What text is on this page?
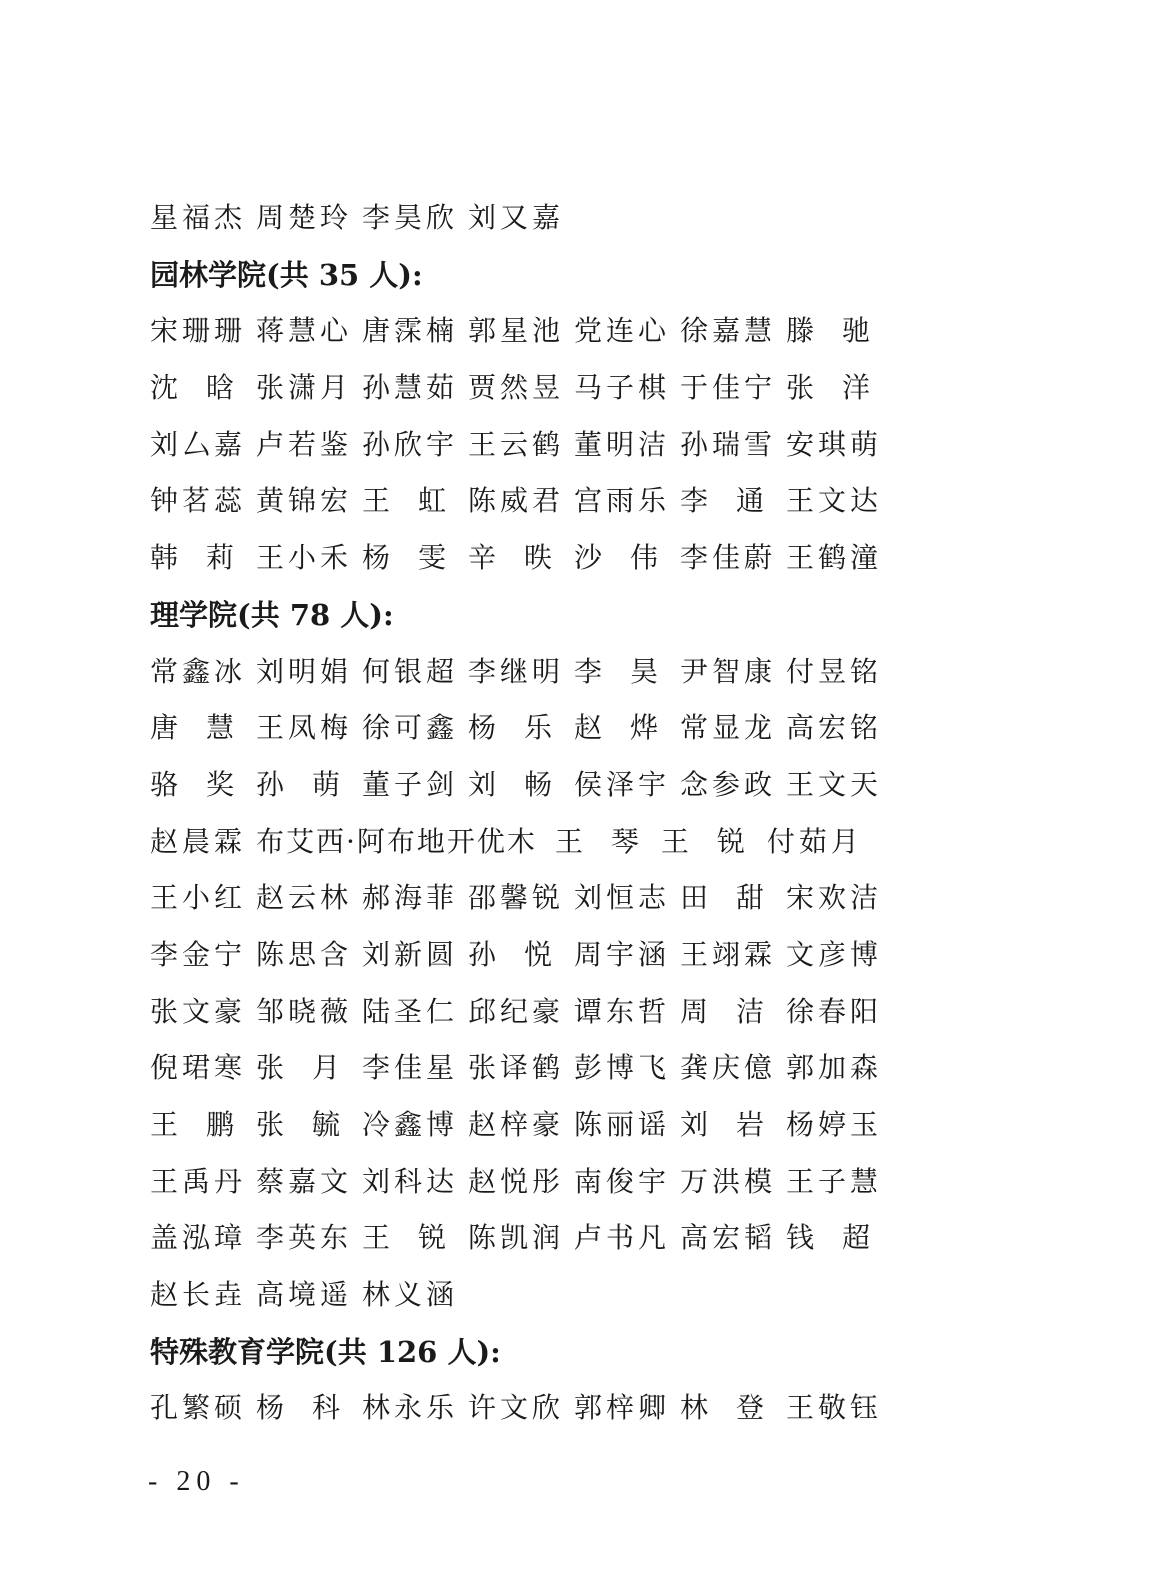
星福杰 周楚玲 李昊欣 刘又嘉
园林学院(共 35 人):
宋珊珊 蒋慧心 唐霂楠 郭星池 党连心 徐嘉慧 滕 驰
沈 晗 张潇月 孙慧茹 贾然昱 马子棋 于佳宁 张 洋
刘厶嘉 卢若鉴 孙欣宇 王云鹤 董明洁 孙瑞雪 安琪萌
钟茗蕊 黄锦宏 王 虹 陈威君 宫雨乐 李 通 王文达
韩 莉 王小禾 杨 雯 辛 昳 沙 伟 李佳蔚 王鹤潼
理学院(共 78 人):
常鑫冰 刘明娟 何银超 李继明 李 昊 尹智康 付昱铭
唐 慧 王凤梅 徐可鑫 杨 乐 赵 烨 常显龙 高宏铭
骆 奖 孙 萌 董子剑 刘 畅 侯泽宇 念参政 王文天
赵晨霖 布艾西·阿布地开优木 王 琴 王 锐 付茹月
王小红 赵云林 郝海菲 邵馨锐 刘恒志 田 甜 宋欢洁
李金宁 陈思含 刘新圆 孙 悦 周宇涵 王翊霖 文彦博
张文豪 邹晓薇 陆圣仁 邱纪豪 谭东哲 周 洁 徐春阳
倪珺寒 张 月 李佳星 张译鹤 彭博飞 龚庆億 郭加森
王 鹏 张 毓 冷鑫博 赵梓豪 陈丽谣 刘 岩 杨婷玉
王禹丹 蔡嘉文 刘科达 赵悦彤 南俊宇 万洪模 王子慧
盖泓璋 李英东 王 锐 陈凯润 卢书凡 高宏韬 钱 超
赵长垚 高境遥 林义涵
特殊教育学院(共 126 人):
孔繁硕 杨 科 林永乐 许文欣 郭梓卿 林 登 王敬钰
- 20 -
